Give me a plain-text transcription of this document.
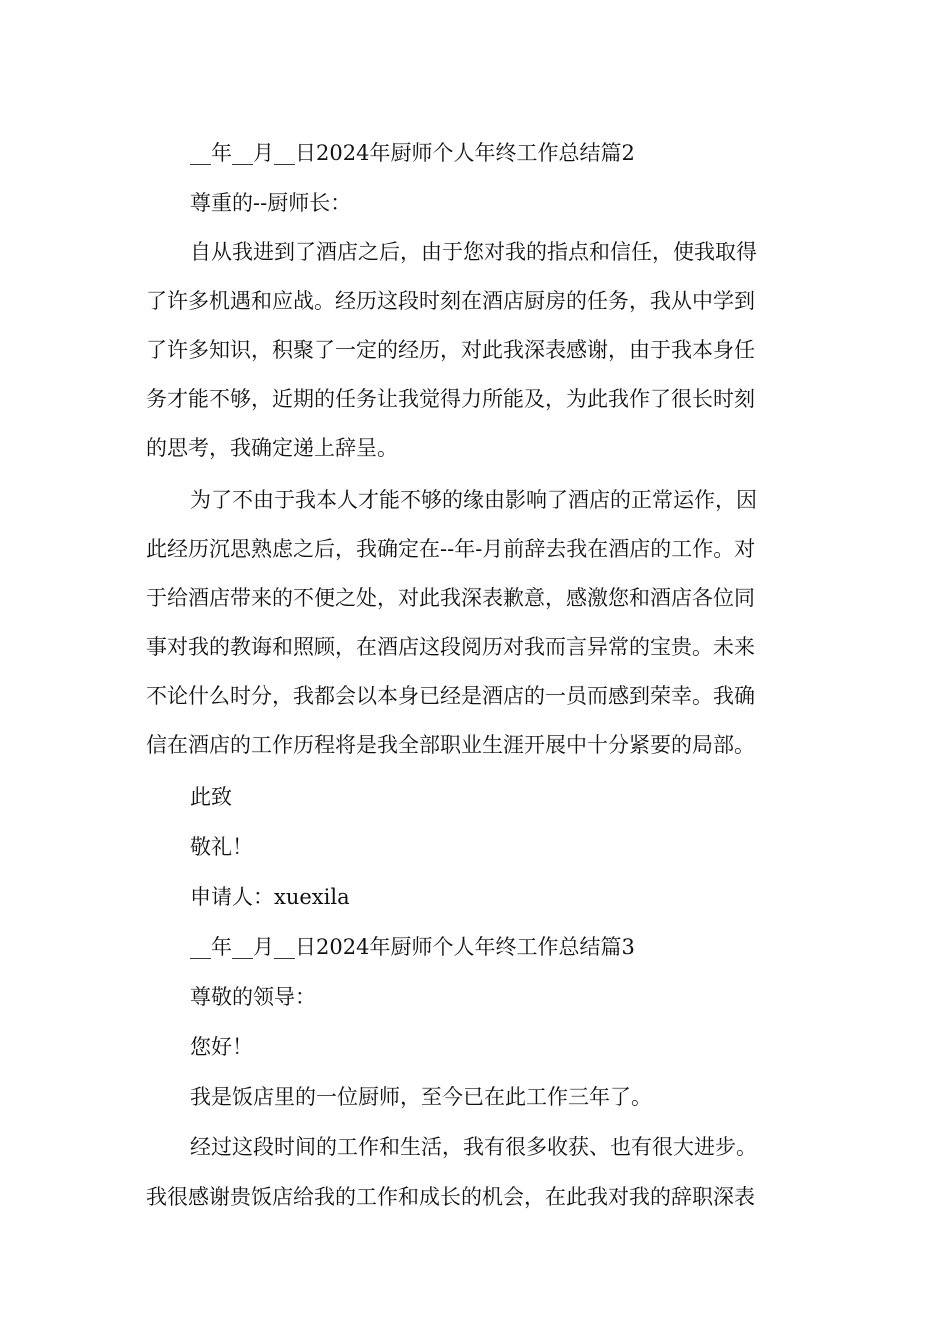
__年__月__日2024年厨师个人年终工作总结篇2
尊重的--厨师长：
自从我进到了酒店之后，由于您对我的指点和信任，使我取得
了许多机遇和应战。经历这段时刻在酒店厨房的任务，我从中学到
了许多知识，积聚了一定的经历，对此我深表感谢，由于我本身任
务才能不够，近期的任务让我觉得力所能及，为此我作了很长时刻
的思考，我确定递上辞呈。
为了不由于我本人才能不够的缘由影响了酒店的正常运作，因
此经历沉思熟虑之后，我确定在--年-月前辞去我在酒店的工作。对
于给酒店带来的不便之处，对此我深表歉意，感激您和酒店各位同
事对我的教诲和照顾，在酒店这段阅历对我而言异常的宝贵。未来
不论什么时分，我都会以本身已经是酒店的一员而感到荣幸。我确
信在酒店的工作历程将是我全部职业生涯开展中十分紧要的局部。
此致
敬礼！
申请人：xuexila
__年__月__日2024年厨师个人年终工作总结篇3
尊敬的领导：
您好！
我是饭店里的一位厨师，至今已在此工作三年了。
经过这段时间的工作和生活，我有很多收获、也有很大进步。
我很感谢贵饭店给我的工作和成长的机会，在此我对我的辞职深表
